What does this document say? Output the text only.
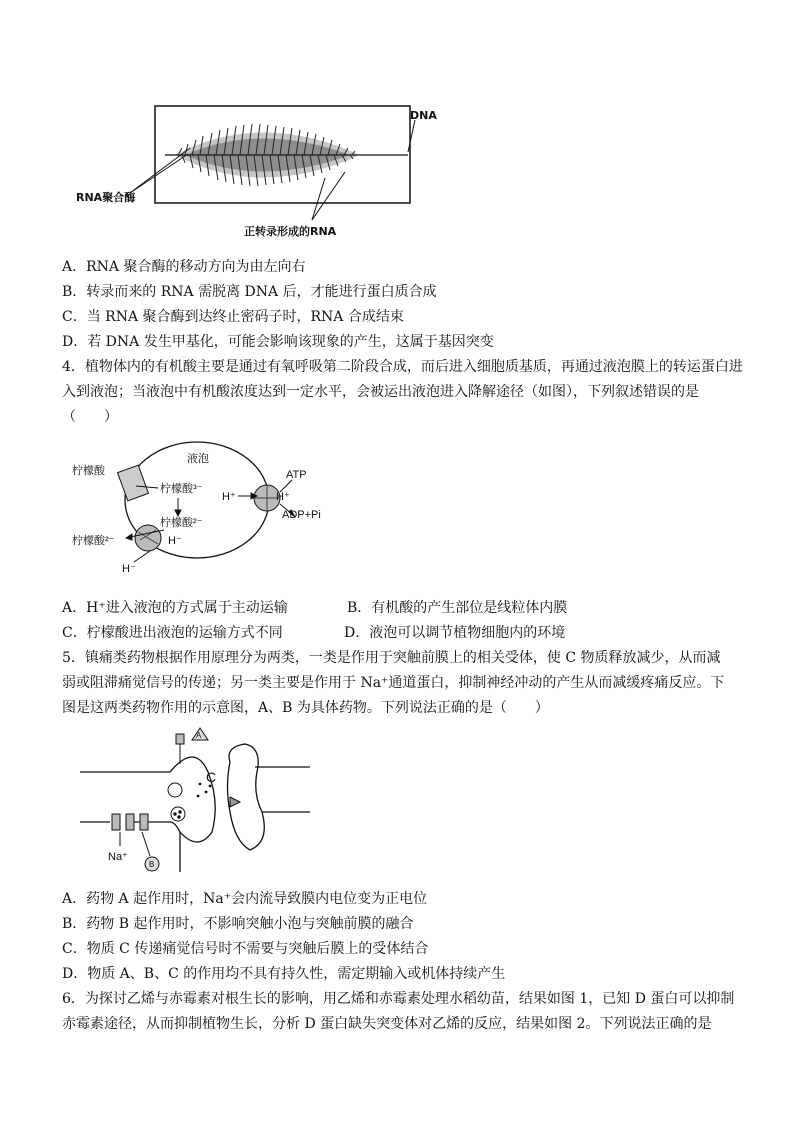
DNA
RNA聚合酶
正转录形成的RNA
A．RNA 聚合酶的移动方向为由左向右
B．转录而来的 RNA 需脱离 DNA 后，才能进行蛋白质合成
C．当 RNA 聚合酶到达终止密码子时，RNA 合成结束
D．若 DNA 发生甲基化，可能会影响该现象的产生，这属于基因突变
4．植物体内的有机酸主要是通过有氧呼吸第二阶段合成，而后进入细胞质基质，再通过液泡膜上的转运蛋白进
入到液泡；当液泡中有机酸浓度达到一定水平，会被运出液泡进入降解途径（如图），下列叙述错误的是
（　　）
液泡
柠檬酸
柠檬酸³⁻
柠檬酸²⁻
柠檬酸²⁻
H⁺	H⁺
ATP
ADP+Pi
H⁻
H⁻
A．H⁺进入液泡的方式属于主动运输	B．有机酸的产生部位是线粒体内膜
C．柠檬酸进出液泡的运输方式不同	D．液泡可以调节植物细胞内的环境
5．镇痛类药物根据作用原理分为两类，一类是作用于突触前膜上的相关受体，使 C 物质释放减少，从而减
弱或阻滞痛觉信号的传递；另一类主要是作用于 Na⁺通道蛋白，抑制神经冲动的产生从而减缓疼痛反应。下
图是这两类药物作用的示意图，A、B 为具体药物。下列说法正确的是（　　）
C
Na⁺
A
B
A．药物 A 起作用时，Na⁺会内流导致膜内电位变为正电位
B．药物 B 起作用时，不影响突触小泡与突触前膜的融合
C．物质 C 传递痛觉信号时不需要与突触后膜上的受体结合
D．物质 A、B、C 的作用均不具有持久性，需定期输入或机体持续产生
6．为探讨乙烯与赤霉素对根生长的影响，用乙烯和赤霉素处理水稻幼苗，结果如图 1，已知 D 蛋白可以抑制
赤霉素途径，从而抑制植物生长，分析 D 蛋白缺失突变体对乙烯的反应，结果如图 2。下列说法正确的是
